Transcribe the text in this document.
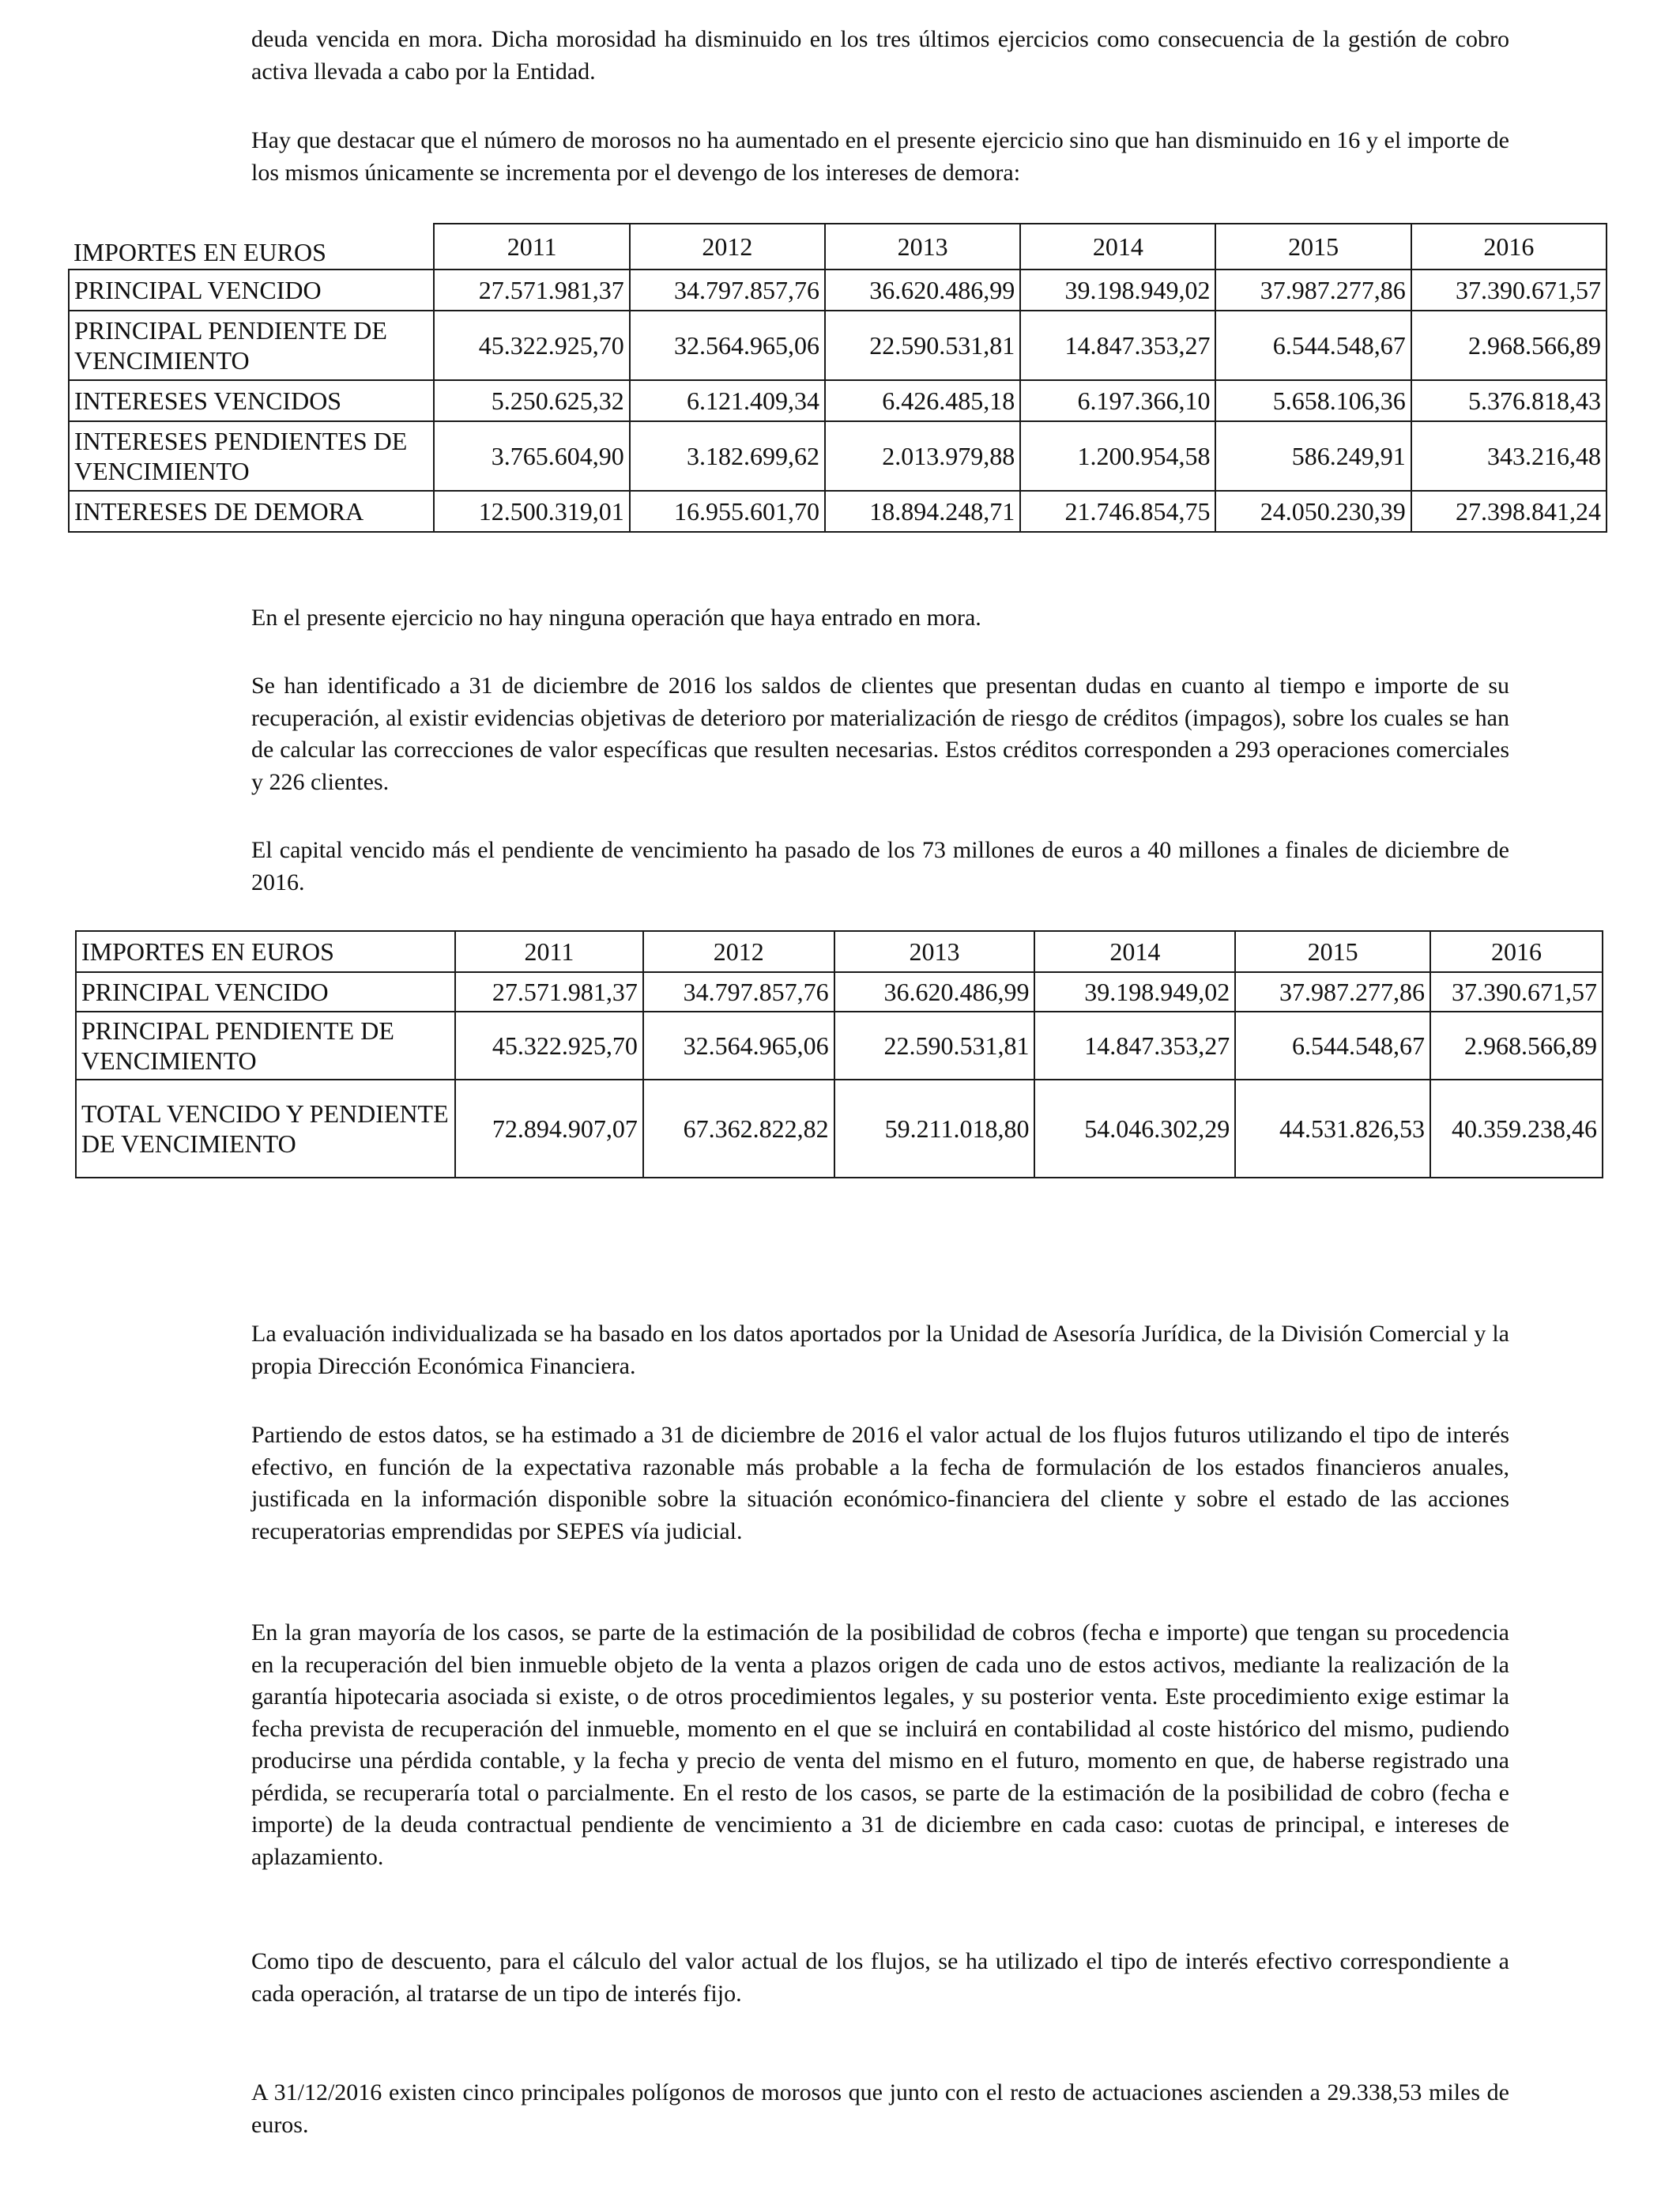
deuda vencida en mora. Dicha morosidad ha disminuido en los tres últimos ejercicios como consecuencia de la gestión de cobro activa llevada a cabo por la Entidad.

Hay que destacar que el número de morosos no ha aumentado en el presente ejercicio sino que han disminuido en 16 y el importe de los mismos únicamente se incrementa por el devengo de los intereses de demora:

IMPORTES EN EUROS	2011	2012	2013	2014	2015	2016
PRINCIPAL VENCIDO	27.571.981,37	34.797.857,76	36.620.486,99	39.198.949,02	37.987.277,86	37.390.671,57
PRINCIPAL PENDIENTE DE VENCIMIENTO	45.322.925,70	32.564.965,06	22.590.531,81	14.847.353,27	6.544.548,67	2.968.566,89
INTERESES VENCIDOS	5.250.625,32	6.121.409,34	6.426.485,18	6.197.366,10	5.658.106,36	5.376.818,43
INTERESES PENDIENTES DE VENCIMIENTO	3.765.604,90	3.182.699,62	2.013.979,88	1.200.954,58	586.249,91	343.216,48
INTERESES DE DEMORA	12.500.319,01	16.955.601,70	18.894.248,71	21.746.854,75	24.050.230,39	27.398.841,24

En el presente ejercicio no hay ninguna operación que haya entrado en mora.

Se han identificado a 31 de diciembre de 2016 los saldos de clientes que presentan dudas en cuanto al tiempo e importe de su recuperación, al existir evidencias objetivas de deterioro por materialización de riesgo de créditos (impagos), sobre los cuales se han de calcular las correcciones de valor específicas que resulten necesarias. Estos créditos corresponden a 293 operaciones comerciales y 226 clientes.

El capital vencido más el pendiente de vencimiento ha pasado de los 73 millones de euros a 40 millones a finales de diciembre de 2016.

IMPORTES EN EUROS	2011	2012	2013	2014	2015	2016
PRINCIPAL VENCIDO	27.571.981,37	34.797.857,76	36.620.486,99	39.198.949,02	37.987.277,86	37.390.671,57
PRINCIPAL PENDIENTE DE VENCIMIENTO	45.322.925,70	32.564.965,06	22.590.531,81	14.847.353,27	6.544.548,67	2.968.566,89
TOTAL VENCIDO Y PENDIENTE DE VENCIMIENTO	72.894.907,07	67.362.822,82	59.211.018,80	54.046.302,29	44.531.826,53	40.359.238,46

La evaluación individualizada se ha basado en los datos aportados por la Unidad de Asesoría Jurídica, de la División Comercial y la propia Dirección Económica Financiera.

Partiendo de estos datos, se ha estimado a 31 de diciembre de 2016 el valor actual de los flujos futuros utilizando el tipo de interés efectivo, en función de la expectativa razonable más probable a la fecha de formulación de los estados financieros anuales, justificada en la información disponible sobre la situación económico-financiera del cliente y sobre el estado de las acciones recuperatorias emprendidas por SEPES vía judicial.

En la gran mayoría de los casos, se parte de la estimación de la posibilidad de cobros (fecha e importe) que tengan su procedencia en la recuperación del bien inmueble objeto de la venta a plazos origen de cada uno de estos activos, mediante la realización de la garantía hipotecaria asociada si existe, o de otros procedimientos legales, y su posterior venta. Este procedimiento exige estimar la fecha prevista de recuperación del inmueble, momento en el que se incluirá en contabilidad al coste histórico del mismo, pudiendo producirse una pérdida contable, y la fecha y precio de venta del mismo en el futuro, momento en que, de haberse registrado una pérdida, se recuperaría total o parcialmente. En el resto de los casos, se parte de la estimación de la posibilidad de cobro (fecha e importe) de la deuda contractual pendiente de vencimiento a 31 de diciembre en cada caso: cuotas de principal, e intereses de aplazamiento.

Como tipo de descuento, para el cálculo del valor actual de los flujos, se ha utilizado el tipo de interés efectivo correspondiente a cada operación, al tratarse de un tipo de interés fijo.

A 31/12/2016 existen cinco principales polígonos de morosos que junto con el resto de actuaciones ascienden a 29.338,53 miles de euros.
